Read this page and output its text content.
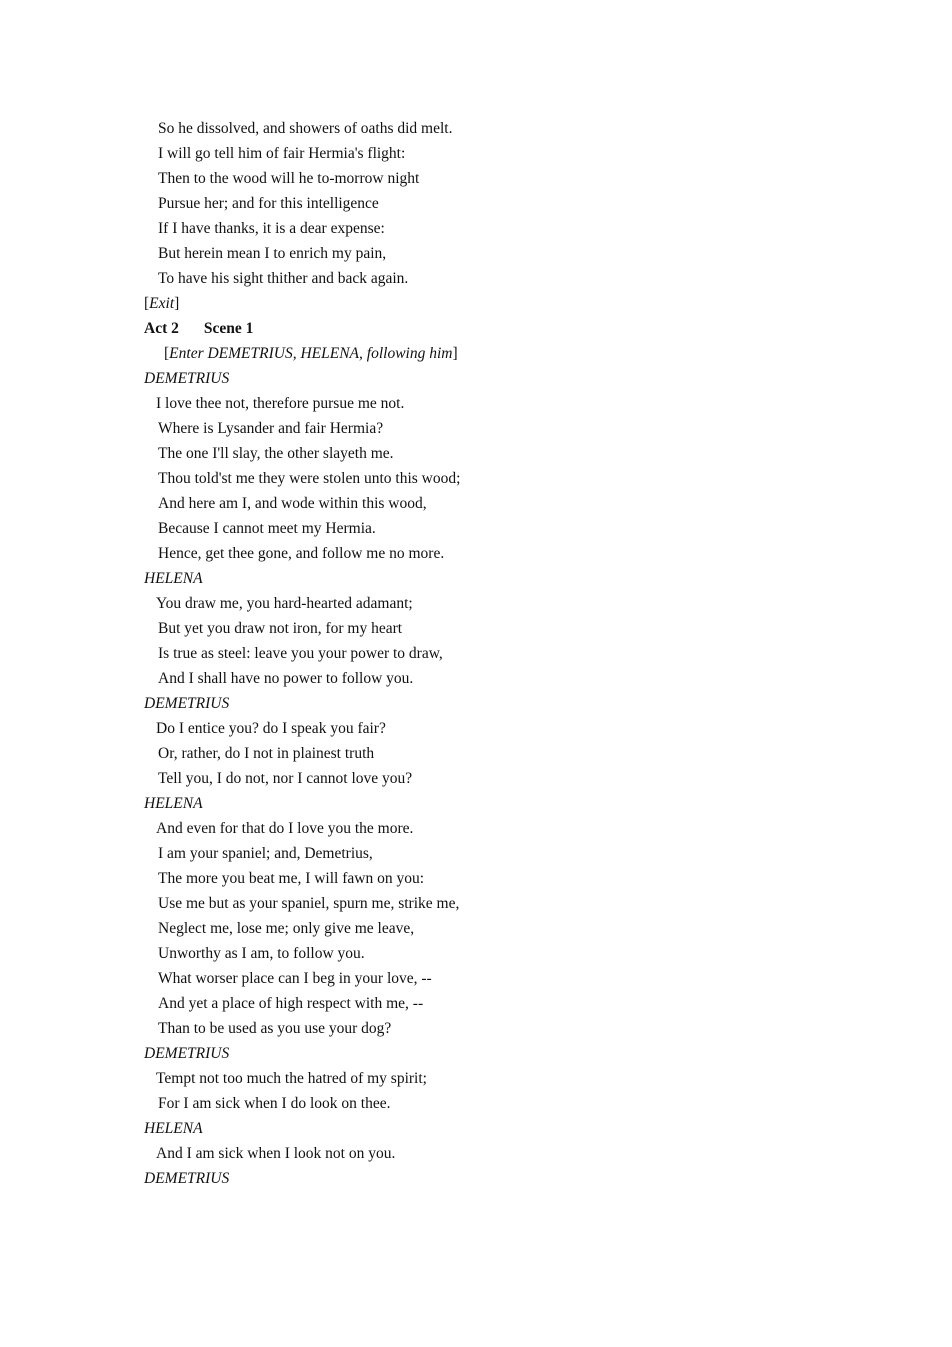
So he dissolved, and showers of oaths did melt.
I will go tell him of fair Hermia's flight:
Then to the wood will he to-morrow night
Pursue her; and for this intelligence
If I have thanks, it is a dear expense:
But herein mean I to enrich my pain,
To have his sight thither and back again.
[Exit]
Act 2 Scene 1
[Enter DEMETRIUS, HELENA, following him]
DEMETRIUS
I love thee not, therefore pursue me not.
Where is Lysander and fair Hermia?
The one I'll slay, the other slayeth me.
Thou told'st me they were stolen unto this wood;
And here am I, and wode within this wood,
Because I cannot meet my Hermia.
Hence, get thee gone, and follow me no more.
HELENA
You draw me, you hard-hearted adamant;
But yet you draw not iron, for my heart
Is true as steel: leave you your power to draw,
And I shall have no power to follow you.
DEMETRIUS
Do I entice you? do I speak you fair?
Or, rather, do I not in plainest truth
Tell you, I do not, nor I cannot love you?
HELENA
And even for that do I love you the more.
I am your spaniel; and, Demetrius,
The more you beat me, I will fawn on you:
Use me but as your spaniel, spurn me, strike me,
Neglect me, lose me; only give me leave,
Unworthy as I am, to follow you.
What worser place can I beg in your love, --
And yet a place of high respect with me, --
Than to be used as you use your dog?
DEMETRIUS
Tempt not too much the hatred of my spirit;
For I am sick when I do look on thee.
HELENA
And I am sick when I look not on you.
DEMETRIUS
